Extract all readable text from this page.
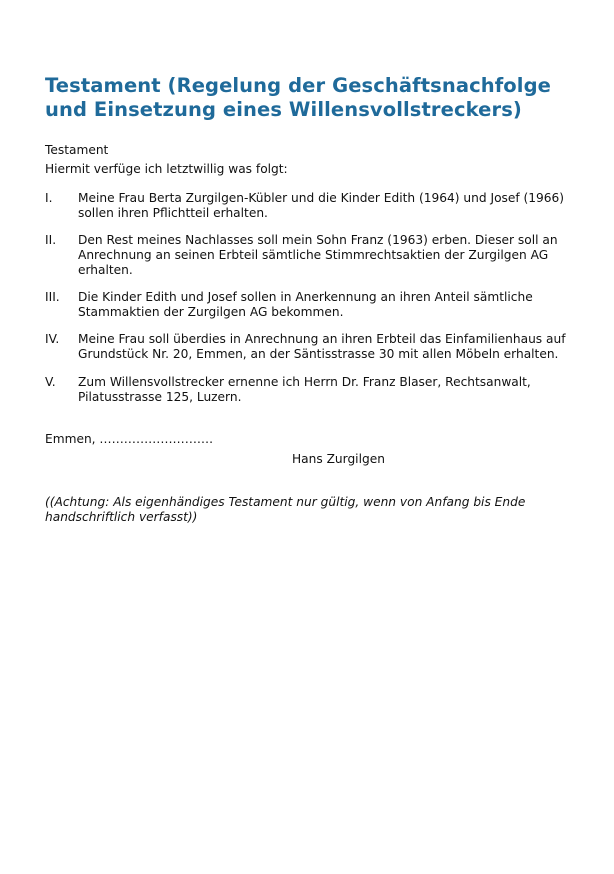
Testament (Regelung der Geschäftsnachfolge und Einsetzung eines Willensvollstreckers)

Testament

Hiermit verfüge ich letztwillig was folgt:

I.	Meine Frau Berta Zurgilgen-Kübler und die Kinder Edith (1964) und Josef (1966) sollen ihren Pflichtteil erhalten.
II.	Den Rest meines Nachlasses soll mein Sohn Franz (1963) erben. Dieser soll an Anrechnung an seinen Erbteil sämtliche Stimmrechtsaktien der Zurgilgen AG erhalten.
III.	Die Kinder Edith und Josef sollen in Anerkennung an ihren Anteil sämtliche Stammaktien der Zurgilgen AG bekommen.
IV.	Meine Frau soll überdies in Anrechnung an ihren Erbteil das Einfamilienhaus auf Grundstück Nr. 20, Emmen, an der Säntisstrasse 30 mit allen Möbeln erhalten.
V.	Zum Willensvollstrecker ernenne ich Herrn Dr. Franz Blaser, Rechtsanwalt, Pilatusstrasse 125, Luzern.
Emmen, ……………………….
Hans Zurgilgen
((Achtung: Als eigenhändiges Testament nur gültig, wenn von Anfang bis Ende handschriftlich verfasst))
